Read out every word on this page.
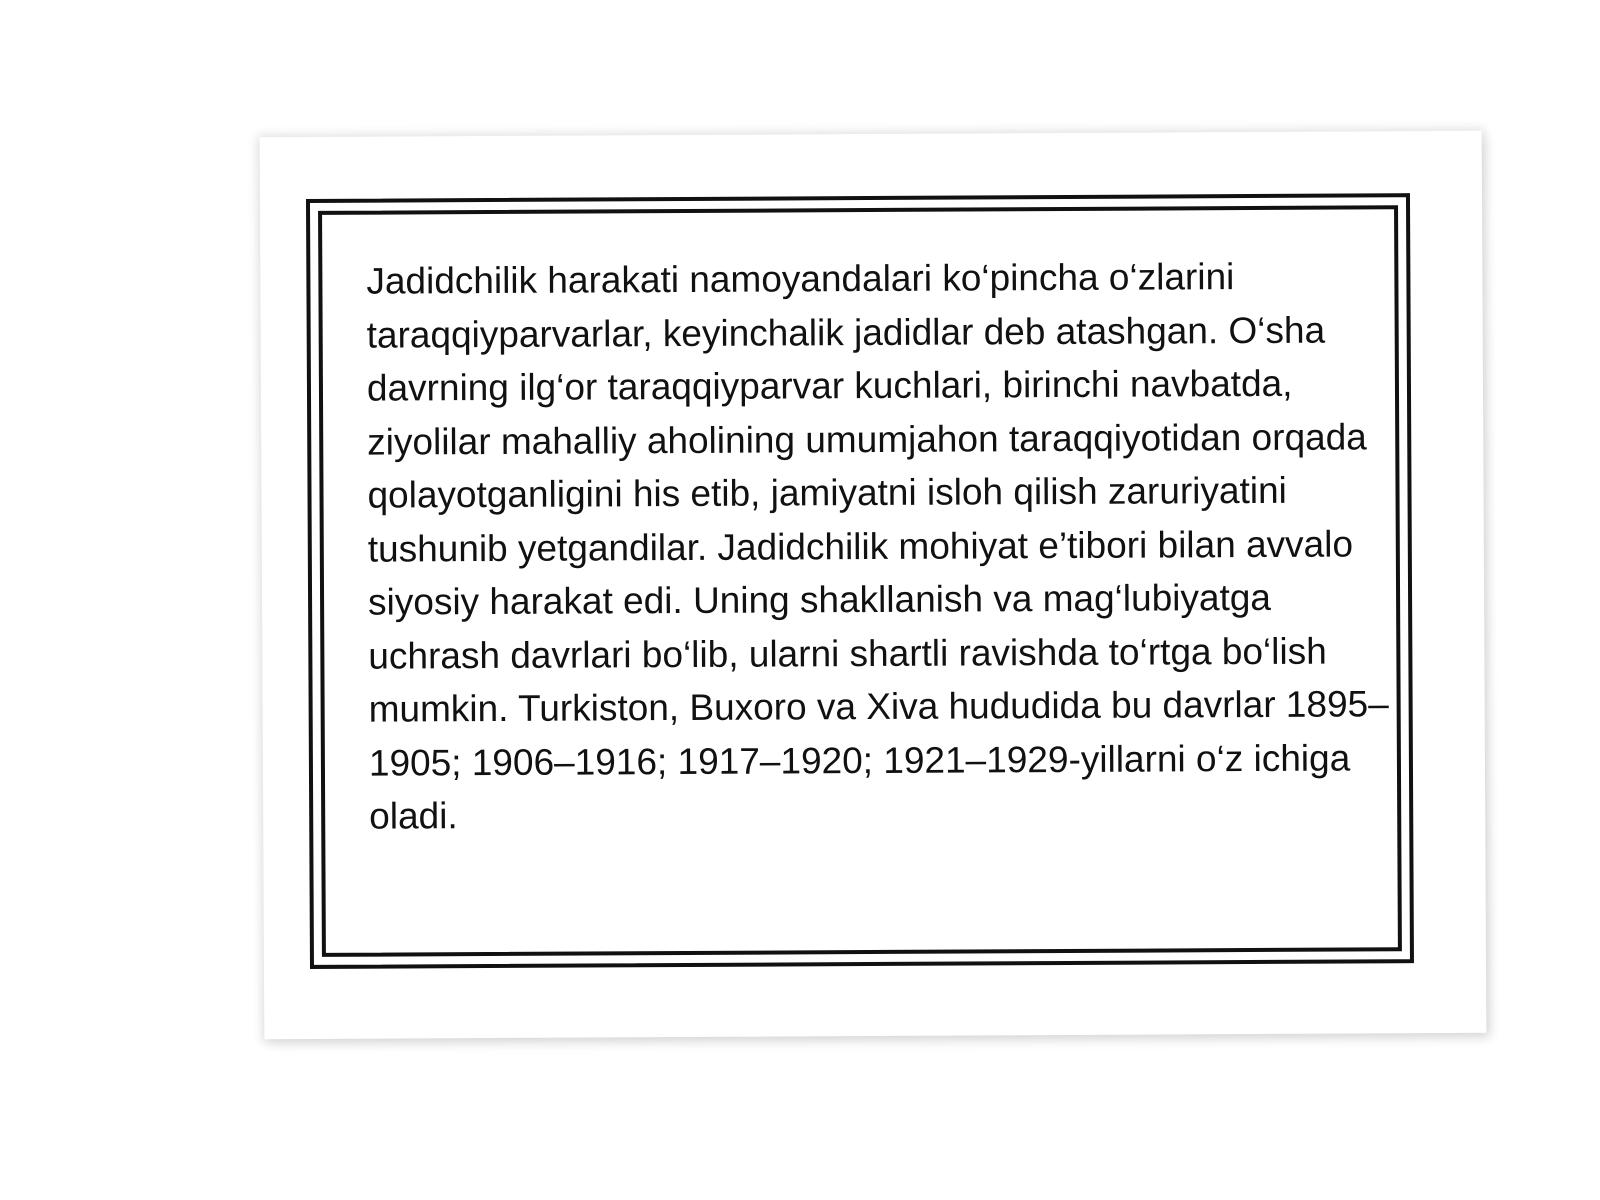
Jadidchilik harakati namoyandalari ko‘pincha o‘zlarini taraqqiyparvarlar, keyinchalik jadidlar deb atashgan. O‘sha davrning ilg‘or taraqqiyparvar kuchlari, birinchi navbatda, ziyolilar mahalliy aholining umumjahon taraqqiyotidan orqada qolayotganligini his etib, jamiyatni isloh qilish zaruriyatini tushunib yetgandilar. Jadidchilik mohiyat e’tibori bilan avvalo siyosiy harakat edi. Uning shakllanish va mag‘lubiyatga uchrash davrlari bo‘lib, ularni shartli ravishda to‘rtga bo‘lish mumkin. Turkiston, Buxoro va Xiva hududida bu davrlar 1895–1905; 1906–1916; 1917–1920; 1921–1929-yillarni o‘z ichiga oladi.
